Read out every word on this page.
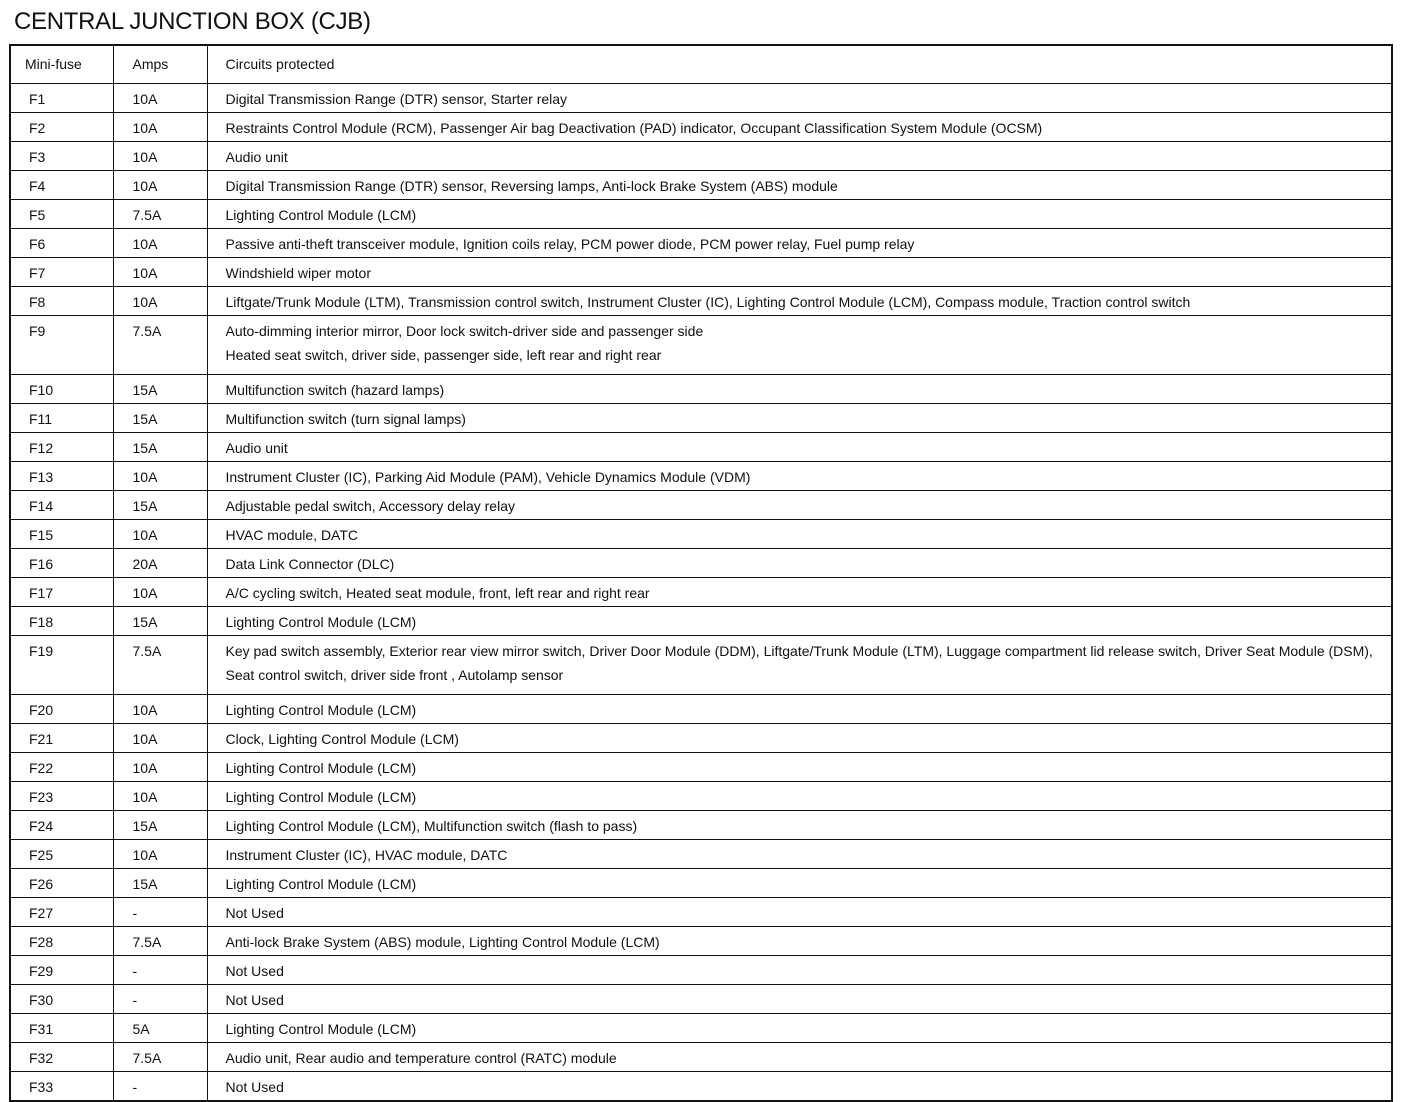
CENTRAL JUNCTION BOX (CJB)
Mini-fuse	Amps	Circuits protected
F1	10A	Digital Transmission Range (DTR) sensor, Starter relay

F2	10A	Restraints Control Module (RCM), Passenger Air bag Deactivation (PAD) indicator, Occupant Classification System Module (OCSM)

F3	10A	Audio unit

F4	10A	Digital Transmission Range (DTR) sensor, Reversing lamps, Anti-lock Brake System (ABS) module

F5	7.5A	Lighting Control Module (LCM)

F6	10A	Passive anti-theft transceiver module, Ignition coils relay, PCM power diode, PCM power relay, Fuel pump relay

F7	10A	Windshield wiper motor

F8	10A	Liftgate/Trunk Module (LTM), Transmission control switch, Instrument Cluster (IC), Lighting Control Module (LCM), Compass module, Traction control switch

F9	7.5A	Auto-dimming interior mirror, Door lock switch-driver side and passenger side
Heated seat switch, driver side, passenger side, left rear and right rear

F10	15A	Multifunction switch (hazard lamps)

F11	15A	Multifunction switch (turn signal lamps)

F12	15A	Audio unit

F13	10A	Instrument Cluster (IC), Parking Aid Module (PAM), Vehicle Dynamics Module (VDM)

F14	15A	Adjustable pedal switch, Accessory delay relay

F15	10A	HVAC module, DATC

F16	20A	Data Link Connector (DLC)

F17	10A	A/C cycling switch, Heated seat module, front, left rear and right rear

F18	15A	Lighting Control Module (LCM)

F19	7.5A	Key pad switch assembly, Exterior rear view mirror switch, Driver Door Module (DDM), Liftgate/Trunk Module (LTM), Luggage compartment lid release switch, Driver Seat Module (DSM),
Seat control switch, driver side front , Autolamp sensor

F20	10A	Lighting Control Module (LCM)

F21	10A	Clock, Lighting Control Module (LCM)

F22	10A	Lighting Control Module (LCM)

F23	10A	Lighting Control Module (LCM)

F24	15A	Lighting Control Module (LCM), Multifunction switch (flash to pass)

F25	10A	Instrument Cluster (IC), HVAC module, DATC

F26	15A	Lighting Control Module (LCM)

F27	-	Not Used

F28	7.5A	Anti-lock Brake System (ABS) module, Lighting Control Module (LCM)

F29	-	Not Used

F30	-	Not Used

F31	5A	Lighting Control Module (LCM)

F32	7.5A	Audio unit, Rear audio and temperature control (RATC) module

F33	-	Not Used
